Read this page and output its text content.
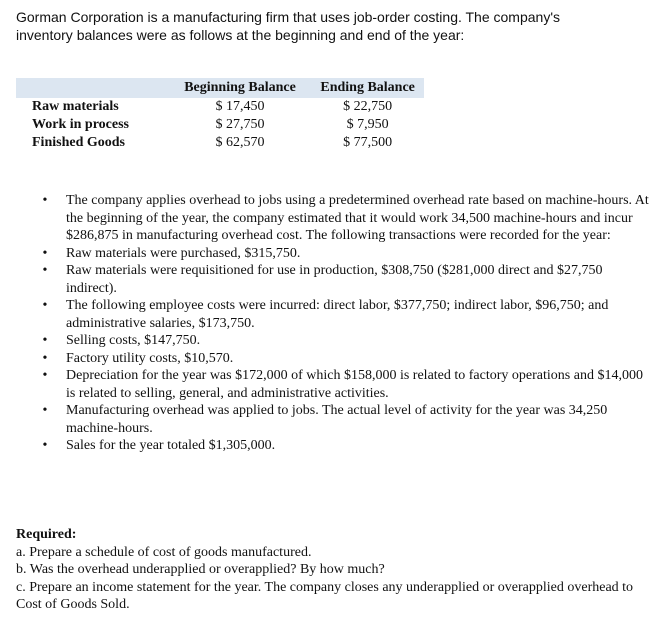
Gorman Corporation is a manufacturing firm that uses job-order costing. The company's
inventory balances were as follows at the beginning and end of the year:
	Beginning Balance	Ending Balance
Raw materials	$ 17,450	$ 22,750
Work in process	$ 27,750	$ 7,950
Finished Goods	$ 62,570	$ 77,500
• The company applies overhead to jobs using a predetermined overhead rate based on machine-hours. At the beginning of the year, the company estimated that it would work 34,500 machine-hours and incur $286,875 in manufacturing overhead cost. The following transactions were recorded for the year:
• Raw materials were purchased, $315,750.
• Raw materials were requisitioned for use in production, $308,750 ($281,000 direct and $27,750 indirect).
• The following employee costs were incurred: direct labor, $377,750; indirect labor, $96,750; and administrative salaries, $173,750.
• Selling costs, $147,750.
• Factory utility costs, $10,570.
• Depreciation for the year was $172,000 of which $158,000 is related to factory operations and $14,000 is related to selling, general, and administrative activities.
• Manufacturing overhead was applied to jobs. The actual level of activity for the year was 34,250 machine-hours.
• Sales for the year totaled $1,305,000.
Required:
a. Prepare a schedule of cost of goods manufactured.
b. Was the overhead underapplied or overapplied? By how much?
c. Prepare an income statement for the year. The company closes any underapplied or overapplied overhead to Cost of Goods Sold.
